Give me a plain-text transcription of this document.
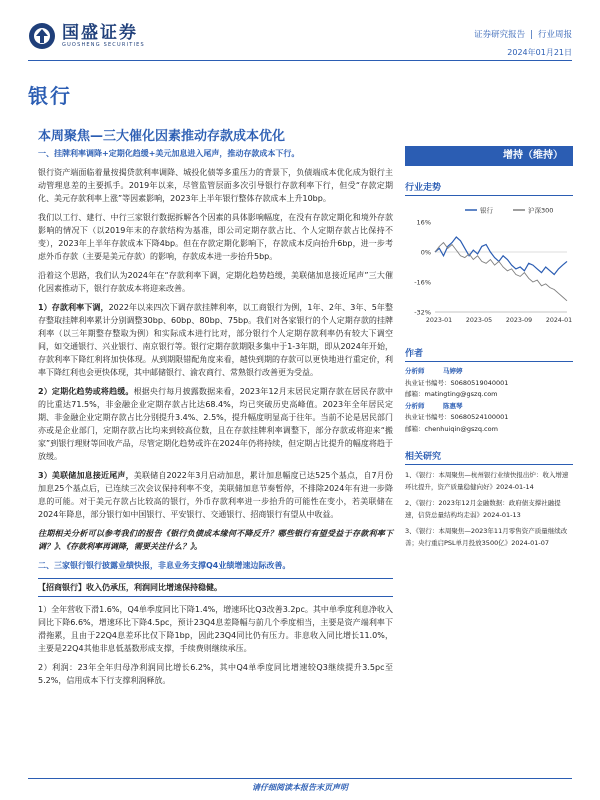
国盛证券
GUOSHENG SECURITIES
证券研究报告 | 行业周报
2024年01月21日
银行
本周聚焦—三大催化因素推动存款成本优化

一、挂牌利率调降+定期化趋缓+美元加息进入尾声，推动存款成本下行。

银行资产端面临着量按揭贷款利率调降、城投化债等多重压力的背景下，负债端成本优化成为银行主动管理息差的主要抓手。2019年以来，尽管监管层面多次引导银行存款利率下行，但受“存款定期化、美元存款利率上涨”等因素影响，2023年上半年银行整体存款成本上升10bp。

我们以工行、建行、中行三家银行数据拆解各个因素的具体影响幅度，在没有存款定期化和境外存款影响的情况下（以2019年末的存款结构为基准，即公司定期存款占比、个人定期存款占比保持不变），2023年上半年存款成本下降4bp。但在存款定期化影响下，存款成本反向抬升6bp，进一步考虑外币存款（主要是美元存款）的影响，存款成本进一步抬升5bp。

沿着这个思路，我们认为2024年在“存款利率下调，定期化趋势趋缓，美联储加息接近尾声”三大催化因素推动下，银行存款成本将迎来改善。

1）存款利率下调，2022年以来四次下调存款挂牌利率，以工商银行为例，1年、2年、3年、5年整存整取挂牌利率累计分别调整30bp、60bp、80bp、75bp。我们对各家银行的个人定期存款的挂牌利率（以三年期整存整取为例）和实际成本进行比对，部分银行个人定期存款利率仍有较大下调空间，如交通银行、兴业银行、南京银行等。银行定期存款期限多集中于1-3年期，即从2024年开始，存款利率下降红利将加快体现。从到期限错配角度来看，越快到期的存款可以更快地进行重定价，利率下降红利也会更快体现，其中邮储银行、渝农商行、常熟银行改善更为受益。

2）定期化趋势或将趋缓。根据央行每月披露数据来看，2023年12月末居民定期存款在居民存款中的比重达71.5%，非金融企业定期存款占比达68.4%，均已突破历史高峰值。2023年全年居民定期、非金融企业定期存款占比分别提升3.4%、2.5%，提升幅度明显高于往年。当前不论是居民部门亦或是企业部门，定期存款占比均来到较高位数，且在存款挂牌利率调整下，部分存款或将迎来“搬家”到银行理财等回收产品，尽管定期化趋势或许在2024年仍将持续，但定期占比提升的幅度将趋于放缓。

3）美联储加息接近尾声，美联储自2022年3月启动加息，累计加息幅度已达525个基点，自7月份加息25个基点后，已连续三次会议保持利率不变，美联储加息节奏暂停，不排除2024年有进一步降息的可能。对于美元存款占比较高的银行，外币存款利率进一步抬升的可能性在变小，若美联储在2024年降息，部分银行如中国银行、平安银行、交通银行、招商银行有望从中收益。

往期相关分析可以参考我们的报告《银行负债成本缘何不降反升？哪些银行有望受益于存款利率下调？》、《存款利率再调降，需要关注什么？》。

二、三家银行银行披露业绩快报，非息业务支撑Q4业绩增速边际改善。

【招商银行】收入仍承压，利润同比增速保持稳健。

1）全年营收下滑1.6%，Q4单季度同比下降1.4%，增速环比Q3改善3.2pc。其中单季度利息净收入同比下降6.6%，增速环比下降4.5pc，预计23Q4息差降幅与前几个季度相当，主要是资产端利率下滑拖累，且由于22Q4息差环比仅下降1bp，因此23Q4同比仍有压力。非息收入同比增长11.0%，主要是22Q4其他非息低基数形成支撑，手续费则继续承压。

2）利润：23年全年归母净利润同比增长6.2%，其中Q4单季度同比增速较Q3继续提升3.5pc至5.2%，信用成本下行支撑利润释放。

增持（维持）
行业走势
16%
0%
-16%
-32%
2023-01 2023-05 2023-09 2024-01
银行	沪深300
作者
分析师	马婷婷
执业证书编号：S0680519040001
邮箱：matingting@gszq.com
分析师	陈惠琴
执业证书编号：S0680524100001
邮箱：chenhuiqin@gszq.com
相关研究

1、《银行：本周聚焦—杭州银行业绩快报出炉：收入增速环比提升，资产质量稳健向好》2024-01-14

2、《银行：2023年12月金融数据：政府债支撑社融提速，信贷总量结构均走弱》2024-01-13

3、《银行：本周聚焦—2023年11月零售资产质量继续改善；央行重启PSL单月投放3500亿》2024-01-07

请仔细阅读本报告末页声明
